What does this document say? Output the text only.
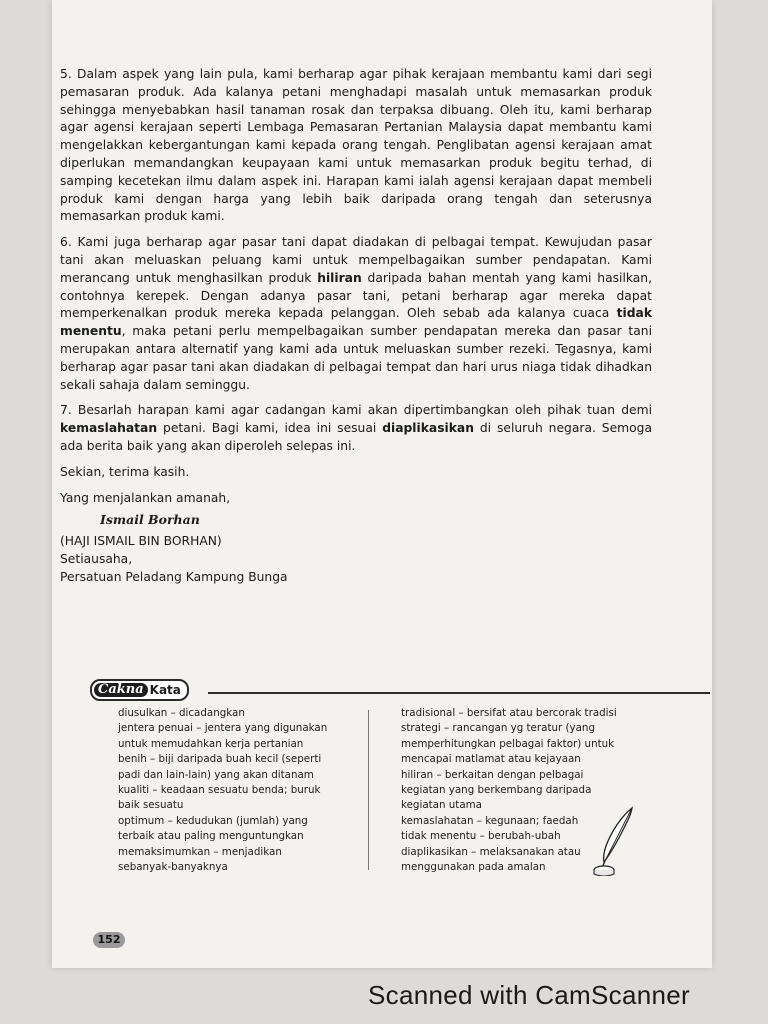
5. Dalam aspek yang lain pula, kami berharap agar pihak kerajaan membantu kami dari segi pemasaran produk. Ada kalanya petani menghadapi masalah untuk memasarkan produk sehingga menyebabkan hasil tanaman rosak dan terpaksa dibuang. Oleh itu, kami berharap agar agensi kerajaan seperti Lembaga Pemasaran Pertanian Malaysia dapat membantu kami mengelakkan kebergantungan kami kepada orang tengah. Penglibatan agensi kerajaan amat diperlukan memandangkan keupayaan kami untuk memasarkan produk begitu terhad, di samping kecetekan ilmu dalam aspek ini. Harapan kami ialah agensi kerajaan dapat membeli produk kami dengan harga yang lebih baik daripada orang tengah dan seterusnya memasarkan produk kami.

6. Kami juga berharap agar pasar tani dapat diadakan di pelbagai tempat. Kewujudan pasar tani akan meluaskan peluang kami untuk mempelbagaikan sumber pendapatan. Kami merancang untuk menghasilkan produk hiliran daripada bahan mentah yang kami hasilkan, contohnya kerepek. Dengan adanya pasar tani, petani berharap agar mereka dapat memperkenalkan produk mereka kepada pelanggan. Oleh sebab ada kalanya cuaca tidak menentu, maka petani perlu mempelbagaikan sumber pendapatan mereka dan pasar tani merupakan antara alternatif yang kami ada untuk meluaskan sumber rezeki. Tegasnya, kami berharap agar pasar tani akan diadakan di pelbagai tempat dan hari urus niaga tidak dihadkan sekali sahaja dalam seminggu.

7. Besarlah harapan kami agar cadangan kami akan dipertimbangkan oleh pihak tuan demi kemaslahatan petani. Bagi kami, idea ini sesuai diaplikasikan di seluruh negara. Semoga ada berita baik yang akan diperoleh selepas ini.

Sekian, terima kasih.

Yang menjalankan amanah,

Ismail Borhan

(HAJI ISMAIL BIN BORHAN)

Setiausaha,

Persatuan Peladang Kampung Bunga

Cakna Kata

diusulkan – dicadangkan

jentera penuai – jentera yang digunakan

untuk memudahkan kerja pertanian

benih – biji daripada buah kecil (seperti

padi dan lain-lain) yang akan ditanam

kualiti – keadaan sesuatu benda; buruk

baik sesuatu

optimum – kedudukan (jumlah) yang

terbaik atau paling menguntungkan

memaksimumkan – menjadikan

sebanyak-banyaknya

tradisional – bersifat atau bercorak tradisi

strategi – rancangan yg teratur (yang

memperhitungkan pelbagai faktor) untuk

mencapai matlamat atau kejayaan

hiliran – berkaitan dengan pelbagai

kegiatan yang berkembang daripada

kegiatan utama

kemaslahatan – kegunaan; faedah

tidak menentu – berubah-ubah

diaplikasikan – melaksanakan atau

menggunakan pada amalan

152
Scanned with CamScanner
